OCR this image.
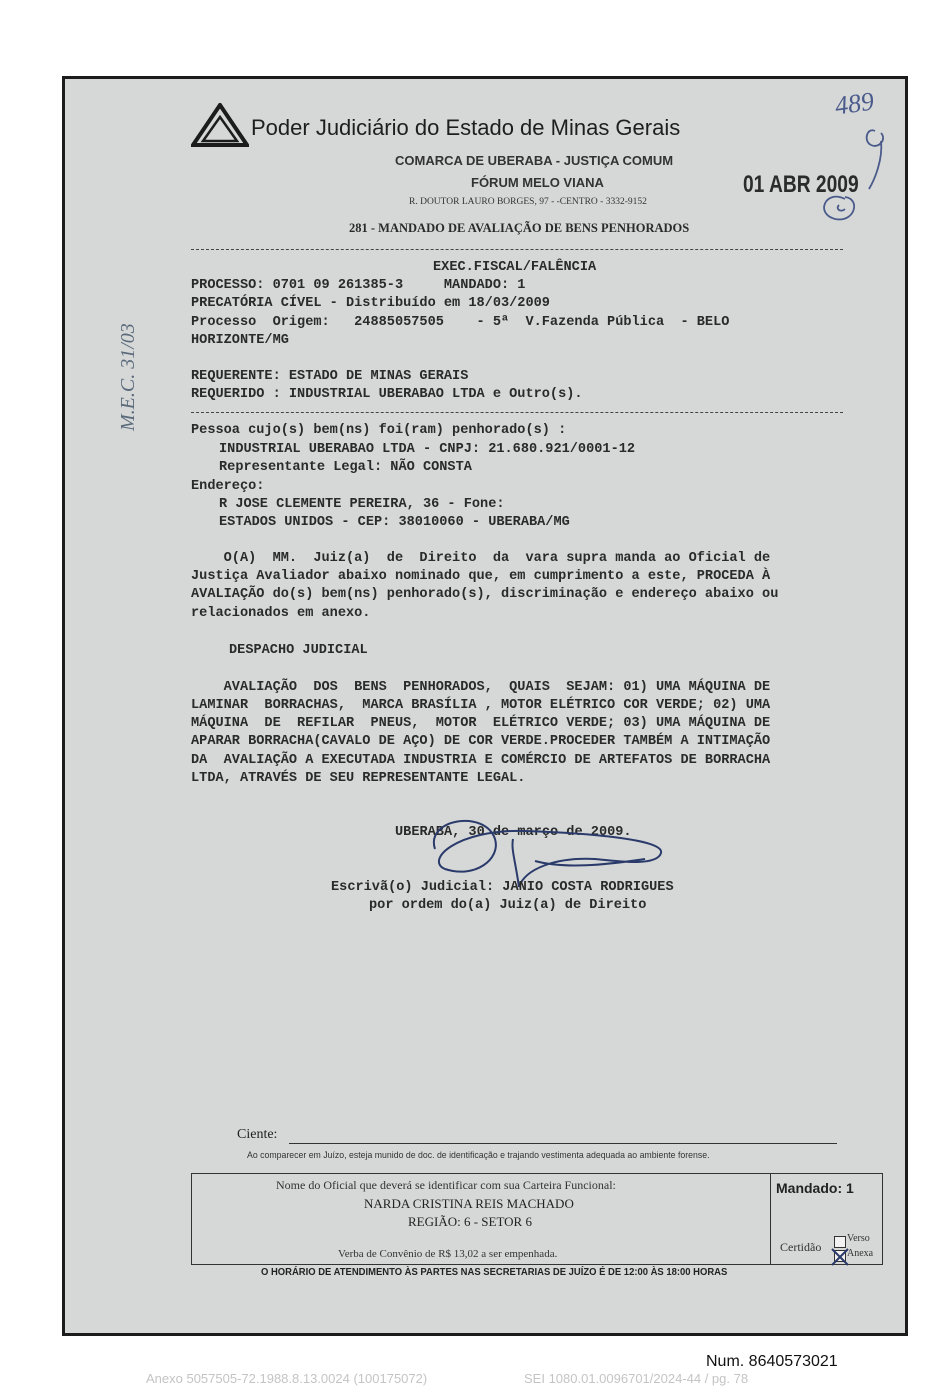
Poder Judiciário do Estado de Minas Gerais
COMARCA DE UBERABA - JUSTIÇA COMUM
FÓRUM MELO VIANA
R. DOUTOR LAURO BORGES, 97 - -CENTRO - 3332-9152
281 - MANDADO DE AVALIAÇÃO DE BENS PENHORADOS
01 ABR 2009
489
M.E.C. 31/03
EXEC.FISCAL/FALÊNCIA
PROCESSO: 0701 09 261385-3     MANDADO: 1
PRECATÓRIA CÍVEL - Distribuído em 18/03/2009
Processo  Origem:   24885057505    - 5ª  V.Fazenda Pública  - BELO
HORIZONTE/MG
REQUERENTE: ESTADO DE MINAS GERAIS
REQUERIDO : INDUSTRIAL UBERABAO LTDA e Outro(s).
Pessoa cujo(s) bem(ns) foi(ram) penhorado(s) :
INDUSTRIAL UBERABAO LTDA - CNPJ: 21.680.921/0001-12
Representante Legal: NÃO CONSTA
Endereço:
R JOSE CLEMENTE PEREIRA, 36 - Fone:
ESTADOS UNIDOS - CEP: 38010060 - UBERABA/MG
O(A)  MM.  Juiz(a)  de  Direito  da  vara supra manda ao Oficial de
Justiça Avaliador abaixo nominado que, em cumprimento a este, PROCEDA À
AVALIAÇÃO do(s) bem(ns) penhorado(s), discriminação e endereço abaixo ou
relacionados em anexo.
DESPACHO JUDICIAL
AVALIAÇÃO  DOS  BENS  PENHORADOS,  QUAIS  SEJAM: 01) UMA MÁQUINA DE
LAMINAR  BORRACHAS,  MARCA BRASÍLIA , MOTOR ELÉTRICO COR VERDE; 02) UMA
MÁQUINA  DE  REFILAR  PNEUS,  MOTOR  ELÉTRICO VERDE; 03) UMA MÁQUINA DE
APARAR BORRACHA(CAVALO DE AÇO) DE COR VERDE.PROCEDER TAMBÉM A INTIMAÇÃO
DA  AVALIAÇÃO A EXECUTADA INDUSTRIA E COMÉRCIO DE ARTEFATOS DE BORRACHA
LTDA, ATRAVÉS DE SEU REPRESENTANTE LEGAL.
UBERABA, 30 de março de 2009.
Escrivã(o) Judicial: JANIO COSTA RODRIGUES
por ordem do(a) Juiz(a) de Direito
Ciente:
Ao comparecer em Juízo, esteja munido de doc. de identificação e trajando vestimenta adequada ao ambiente forense.
Nome do Oficial que deverá se identificar com sua Carteira Funcional:
NARDA CRISTINA REIS MACHADO
REGIÃO: 6 - SETOR 6
Verba de Convênio de R$ 13,02 a ser empenhada.
Mandado: 1
Certidão
Verso
Anexa
O HORÁRIO DE ATENDIMENTO ÀS PARTES NAS SECRETARIAS DE JUÍZO É DE 12:00 ÀS 18:00 HORAS
Num. 8640573021
Anexo 5057505-72.1988.8.13.0024 (100175072)	SEI 1080.01.0096701/2024-44 / pg. 78
